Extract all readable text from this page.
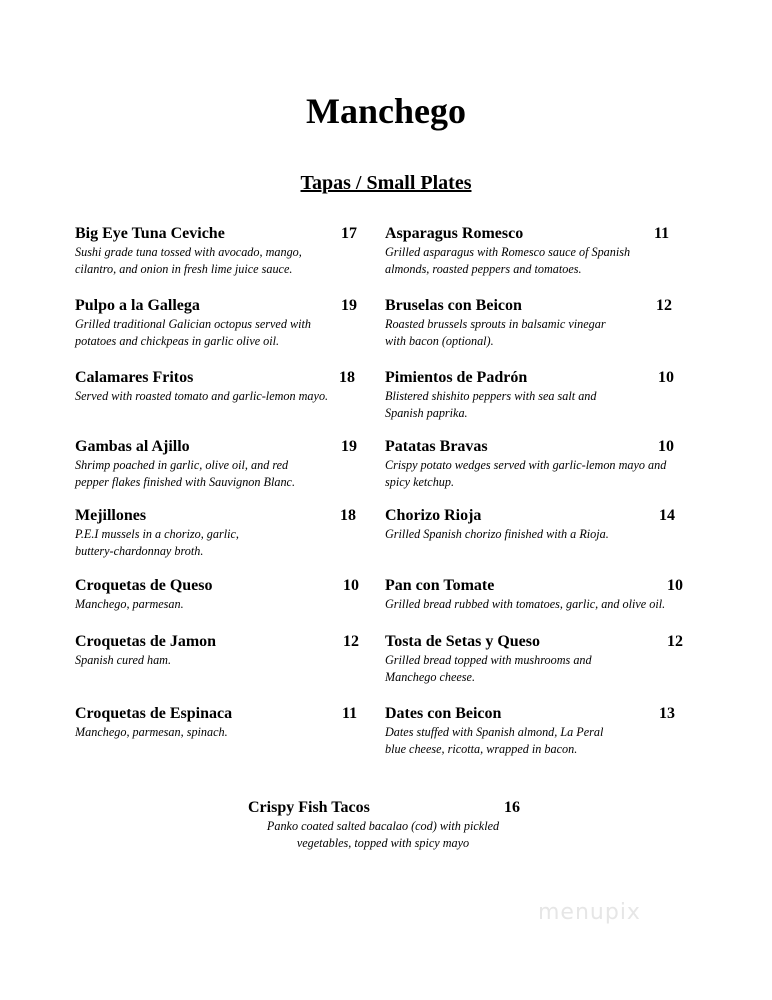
Manchego
Tapas / Small Plates
Big Eye Tuna Ceviche	17
Sushi grade tuna tossed with avocado, mango,
cilantro, and onion in fresh lime juice sauce.
Pulpo a la Gallega	19
Grilled traditional Galician octopus served with
potatoes and chickpeas in garlic olive oil.
Calamares Fritos	18
Served with roasted tomato and garlic-lemon mayo.
Gambas al Ajillo	19
Shrimp poached in garlic, olive oil, and red
pepper flakes finished with Sauvignon Blanc.
Mejillones	18
P.E.I mussels in a chorizo, garlic,
buttery-chardonnay broth.
Croquetas de Queso	10
Manchego, parmesan.
Croquetas de Jamon	12
Spanish cured ham.
Croquetas de Espinaca	11
Manchego, parmesan, spinach.
Asparagus Romesco	11
Grilled asparagus with Romesco sauce of Spanish
almonds, roasted peppers and tomatoes.
Bruselas con Beicon	12
Roasted brussels sprouts in balsamic vinegar
with bacon (optional).
Pimientos de Padrón	10
Blistered shishito peppers with sea salt and
Spanish paprika.
Patatas Bravas	10
Crispy potato wedges served with garlic-lemon mayo and
spicy ketchup.
Chorizo Rioja	14
Grilled Spanish chorizo finished with a Rioja.
Pan con Tomate	10
Grilled bread rubbed with tomatoes, garlic, and olive oil.
Tosta de Setas y Queso	12
Grilled bread topped with mushrooms and
Manchego cheese.
Dates con Beicon	13
Dates stuffed with Spanish almond, La Peral
blue cheese, ricotta, wrapped in bacon.
Crispy Fish Tacos	16
Panko coated salted bacalao (cod) with pickled
vegetables, topped with spicy mayo
menupix
